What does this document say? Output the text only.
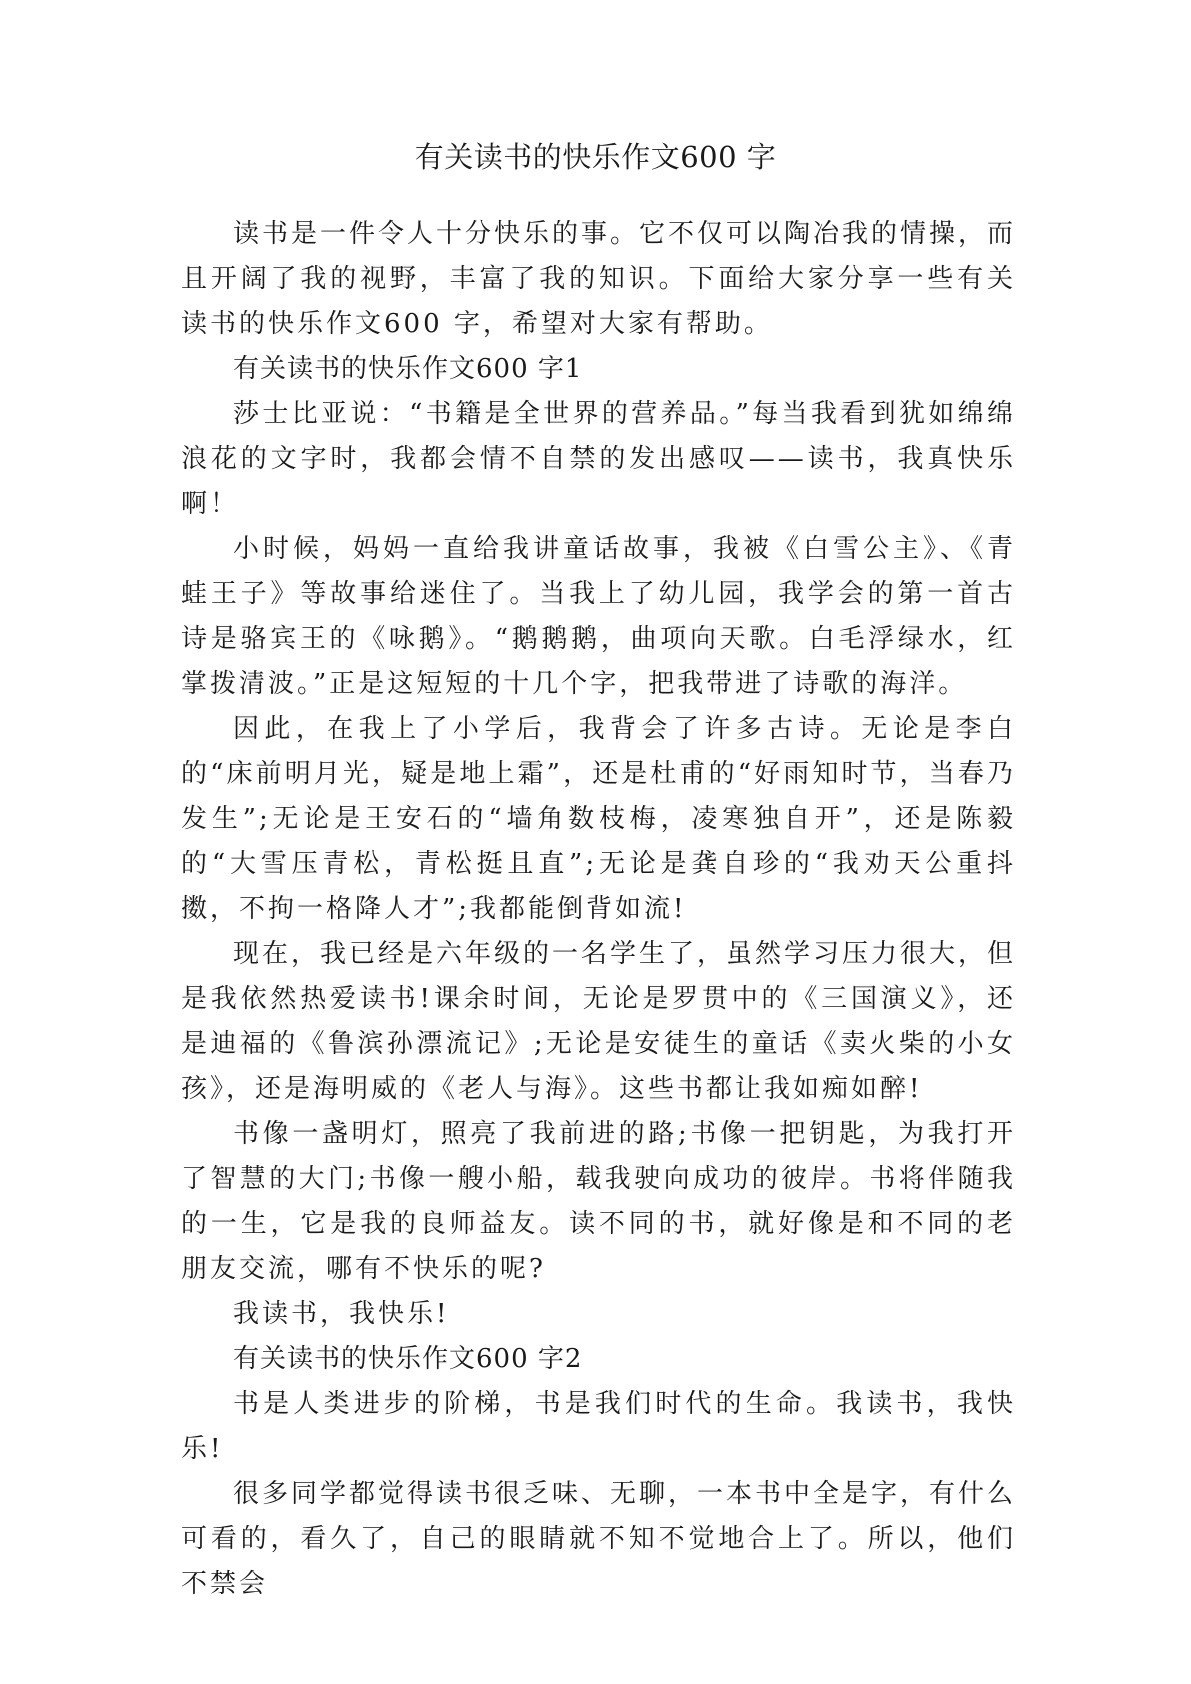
有关读书的快乐作文600 字

读书是一件令人十分快乐的事。它不仅可以陶冶我的情操，而且开阔了我的视野，丰富了我的知识。下面给大家分享一些有关读书的快乐作文600 字，希望对大家有帮助。

有关读书的快乐作文600 字1

莎士比亚说：“书籍是全世界的营养品。”每当我看到犹如绵绵浪花的文字时，我都会情不自禁的发出感叹——读书，我真快乐啊！

小时候，妈妈一直给我讲童话故事，我被《白雪公主》、《青蛙王子》等故事给迷住了。当我上了幼儿园，我学会的第一首古诗是骆宾王的《咏鹅》。“鹅鹅鹅，曲项向天歌。白毛浮绿水，红掌拨清波。”正是这短短的十几个字，把我带进了诗歌的海洋。

因此，在我上了小学后，我背会了许多古诗。无论是李白的“床前明月光，疑是地上霜”，还是杜甫的“好雨知时节，当春乃发生”;无论是王安石的“墙角数枝梅，凌寒独自开”，还是陈毅的“大雪压青松，青松挺且直”;无论是龚自珍的“我劝天公重抖擞，不拘一格降人才”;我都能倒背如流!

现在，我已经是六年级的一名学生了，虽然学习压力很大，但是我依然热爱读书!课余时间，无论是罗贯中的《三国演义》，还是迪福的《鲁滨孙漂流记》;无论是安徒生的童话《卖火柴的小女孩》，还是海明威的《老人与海》。这些书都让我如痴如醉!

书像一盏明灯，照亮了我前进的路;书像一把钥匙，为我打开了智慧的大门;书像一艘小船，载我驶向成功的彼岸。书将伴随我的一生，它是我的良师益友。读不同的书，就好像是和不同的老朋友交流，哪有不快乐的呢?

我读书，我快乐!

有关读书的快乐作文600 字2

书是人类进步的阶梯，书是我们时代的生命。我读书，我快乐!

很多同学都觉得读书很乏味、无聊，一本书中全是字，有什么可看的，看久了，自己的眼睛就不知不觉地合上了。所以，他们不禁会
